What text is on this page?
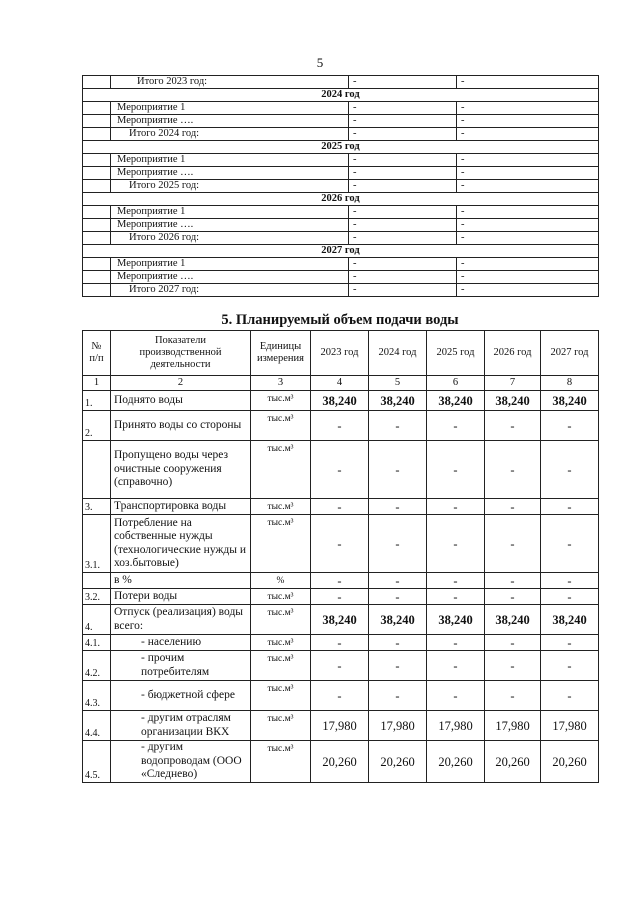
5
	Итого 2023 год:	-	-
2024 год			
	Мероприятие 1	-	-
	Мероприятие ….	-	-
	Итого 2024 год:	-	-
2025 год			
	Мероприятие 1	-	-
	Мероприятие ….	-	-
	Итого 2025 год:	-	-
2026 год			
	Мероприятие 1	-	-
	Мероприятие ….	-	-
	Итого 2026 год:	-	-
2027 год			
	Мероприятие 1	-	-
	Мероприятие ….	-	-
	Итого 2027 год:	-	-
5. Планируемый объем подачи воды
№ п/п	Показатели производственной деятельности	Единицы измерения	2023 год	2024 год	2025 год	2026 год	2027 год
1	2	3	4	5	6	7	8
1.	Поднято воды	тыс.м³	38,240	38,240	38,240	38,240	38,240
2.	Принято воды со стороны	тыс.м³	-	-	-	-	-
	Пропущено воды через очистные сооружения (справочно)	тыс.м³	-	-	-	-	-
3.	Транспортировка воды	тыс.м³	-	-	-	-	-
3.1.	Потребление на собственные нужды (технологические нужды и хоз.бытовые)	тыс.м³	-	-	-	-	-
	в %	%	-	-	-	-	-
3.2.	Потери воды	тыс.м³	-	-	-	-	-
4.	Отпуск (реализация) воды всего:	тыс.м³	38,240	38,240	38,240	38,240	38,240
4.1.	- населению	тыс.м³	-	-	-	-	-
4.2.	- прочим потребителям	тыс.м³	-	-	-	-	-
4.3.	- бюджетной сфере	тыс.м³	-	-	-	-	-
4.4.	- другим отраслям организации ВКХ	тыс.м³	17,980	17,980	17,980	17,980	17,980
4.5.	- другим водопроводам (ООО «Следнево)	тыс.м³	20,260	20,260	20,260	20,260	20,260
